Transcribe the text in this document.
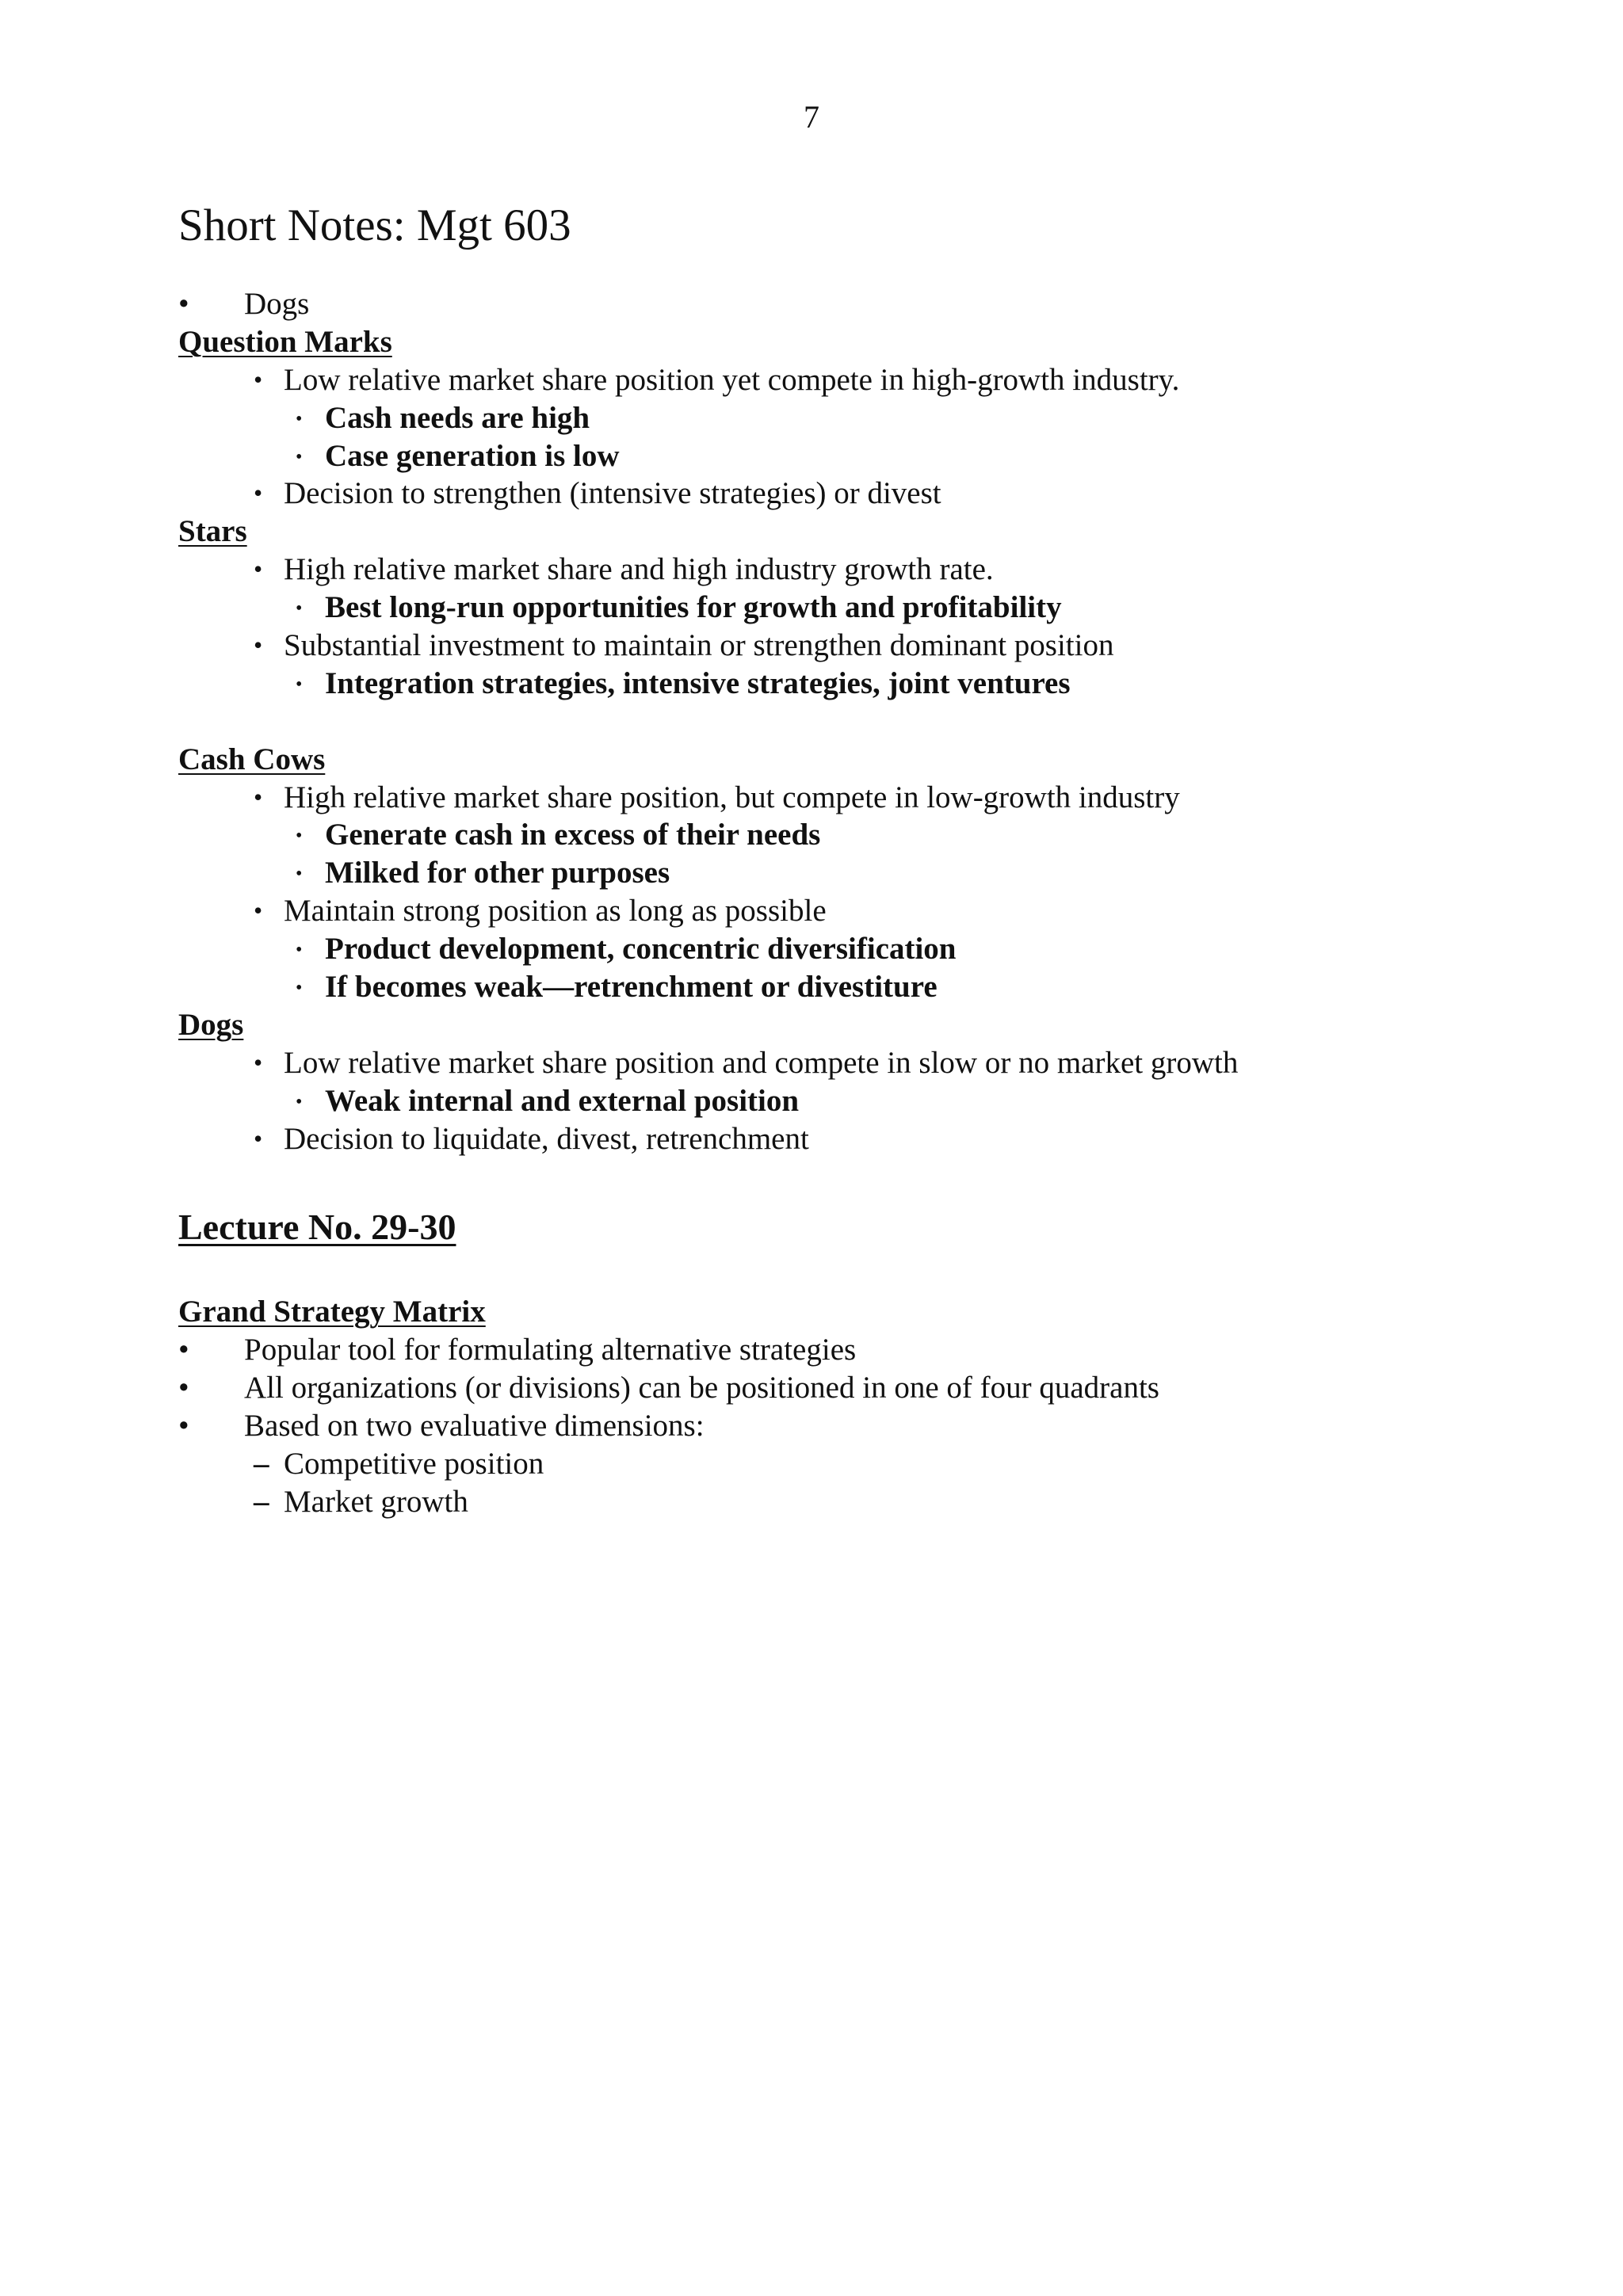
7
Short Notes: Mgt 603
• Dogs
Question Marks
• Low relative market share position yet compete in high-growth industry.
• Cash needs are high
• Case generation is low
• Decision to strengthen (intensive strategies) or divest
Stars
• High relative market share and high industry growth rate.
• Best long-run opportunities for growth and profitability
• Substantial investment to maintain or strengthen dominant position
• Integration strategies, intensive strategies, joint ventures
Cash Cows
• High relative market share position, but compete in low-growth industry
• Generate cash in excess of their needs
• Milked for other purposes
• Maintain strong position as long as possible
• Product development, concentric diversification
• If becomes weak—retrenchment or divestiture
Dogs
• Low relative market share position and compete in slow or no market growth
• Weak internal and external position
• Decision to liquidate, divest, retrenchment
Lecture No. 29-30
Grand Strategy Matrix
• Popular tool for formulating alternative strategies
• All organizations (or divisions) can be positioned in one of four quadrants
• Based on two evaluative dimensions:
– Competitive position
– Market growth
